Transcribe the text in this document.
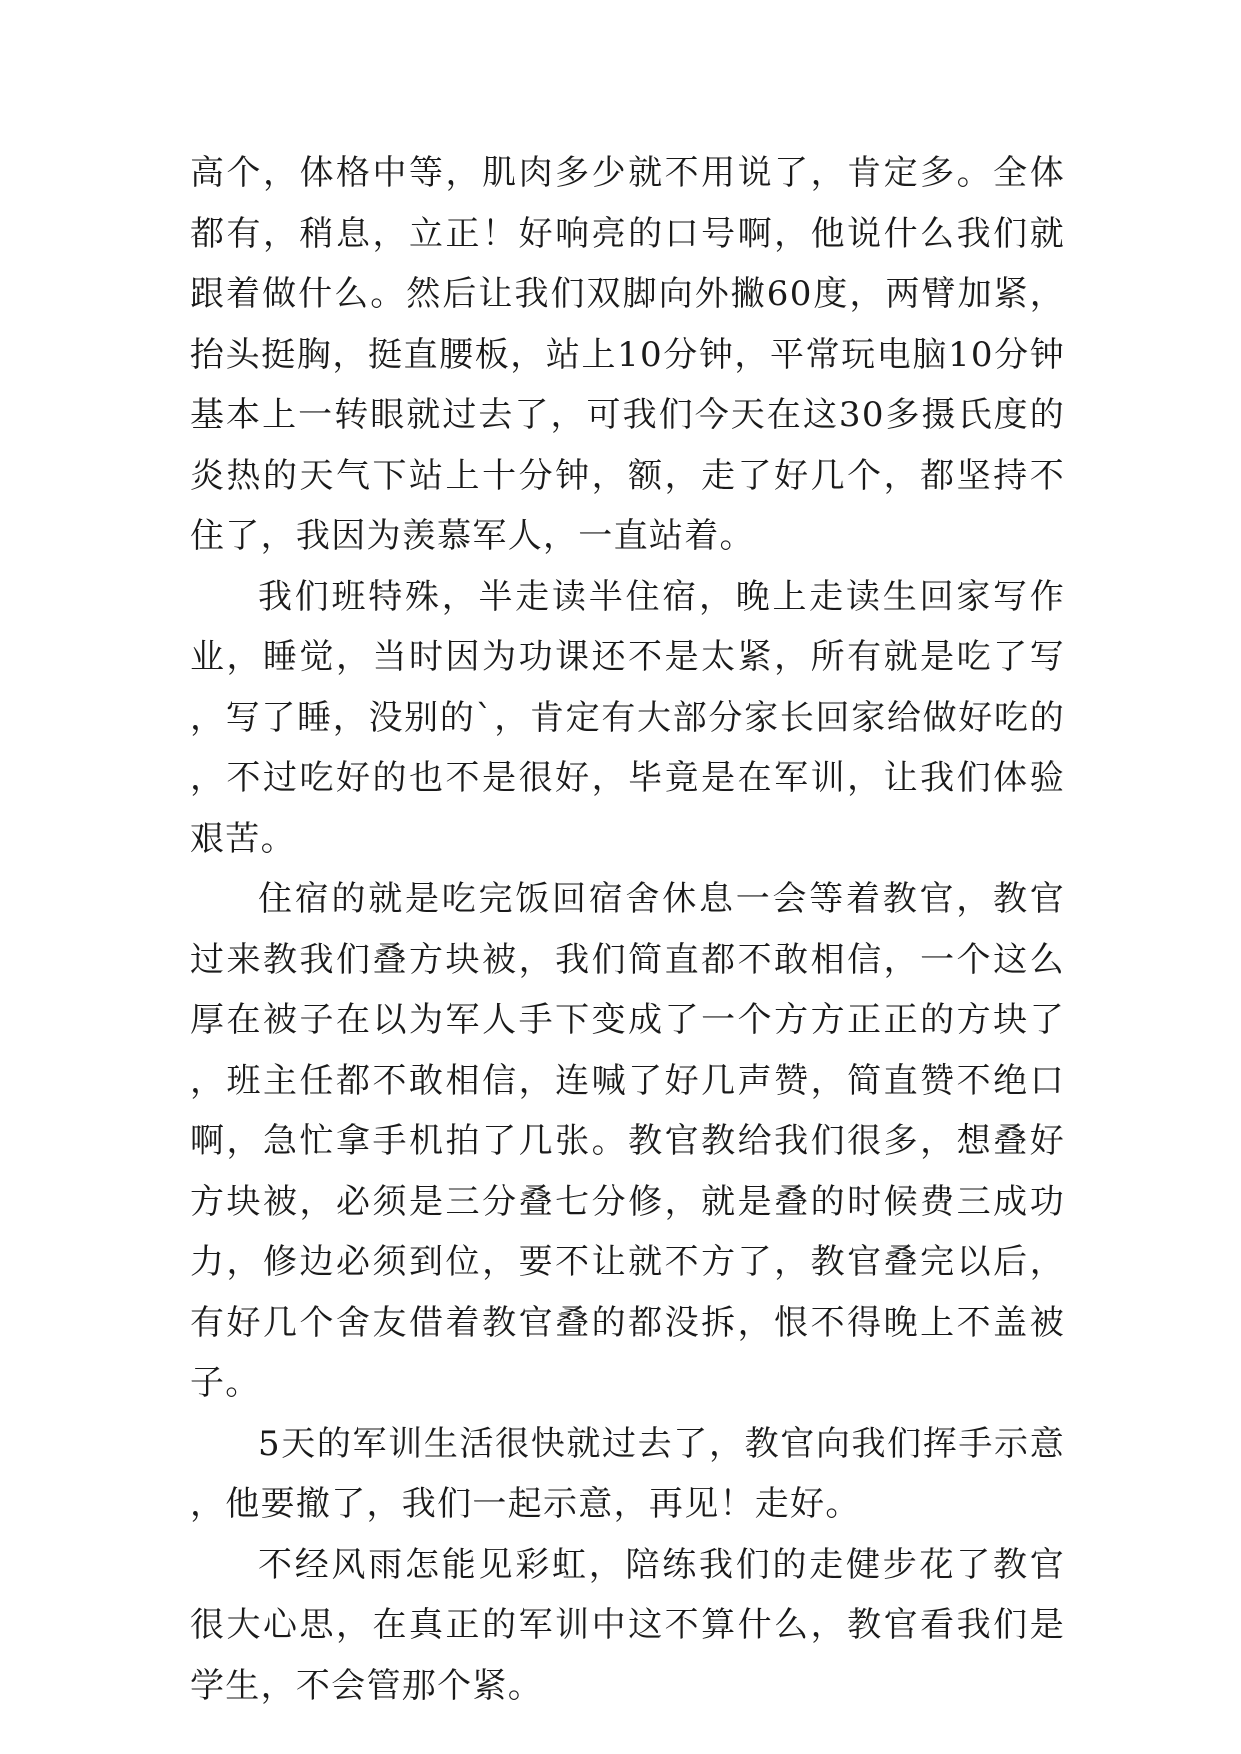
高个，体格中等，肌肉多少就不用说了，肯定多。全体都有，稍息，立正！好响亮的口号啊，他说什么我们就跟着做什么。然后让我们双脚向外撇60度，两臂加紧，抬头挺胸，挺直腰板，站上10分钟，平常玩电脑10分钟基本上一转眼就过去了，可我们今天在这30多摄氏度的炎热的天气下站上十分钟，额，走了好几个，都坚持不住了，我因为羡慕军人，一直站着。

我们班特殊，半走读半住宿，晚上走读生回家写作业，睡觉，当时因为功课还不是太紧，所有就是吃了写，写了睡，没别的`，肯定有大部分家长回家给做好吃的，不过吃好的也不是很好，毕竟是在军训，让我们体验艰苦。

住宿的就是吃完饭回宿舍休息一会等着教官，教官过来教我们叠方块被，我们简直都不敢相信，一个这么厚在被子在以为军人手下变成了一个方方正正的方块了，班主任都不敢相信，连喊了好几声赞，简直赞不绝口啊，急忙拿手机拍了几张。教官教给我们很多，想叠好方块被，必须是三分叠七分修，就是叠的时候费三成功力，修边必须到位，要不让就不方了，教官叠完以后，有好几个舍友借着教官叠的都没拆，恨不得晚上不盖被子。

5天的军训生活很快就过去了，教官向我们挥手示意，他要撤了，我们一起示意，再见！走好。

不经风雨怎能见彩虹，陪练我们的走健步花了教官很大心思，在真正的军训中这不算什么，教官看我们是学生，不会管那个紧。
